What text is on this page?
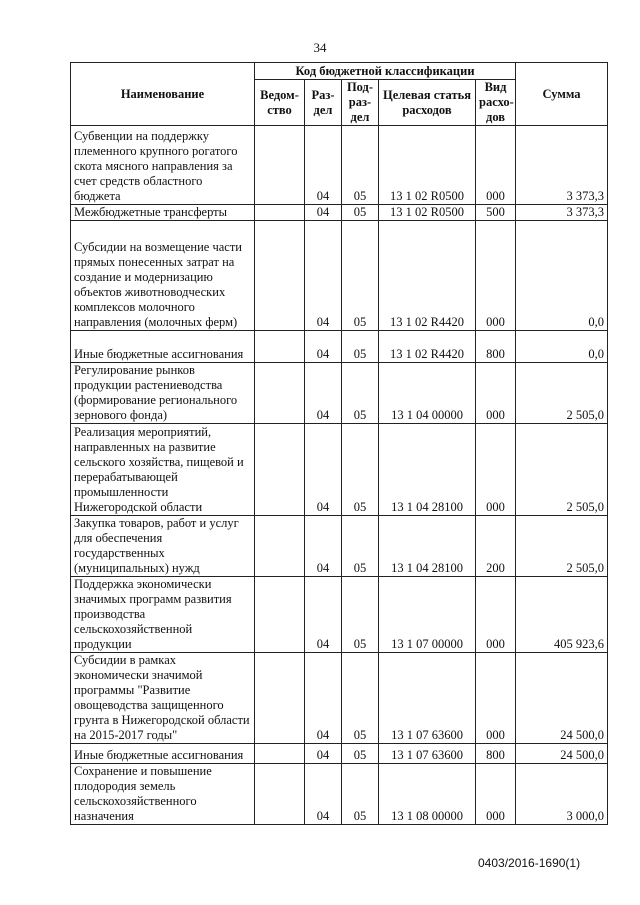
34
Наименование	Код бюджетной классификации					Сумма
	Ведом-ство	Раз-дел	Под-раз-дел	Целевая статья расходов	Вид расхо-дов	
Субвенции на поддержку племенного крупного рогатого скота мясного направления за счет средств областного бюджета		04	05	13 1 02 R0500	000	3 373,3
Межбюджетные трансферты		04	05	13 1 02 R0500	500	3 373,3
Субсидии на возмещение части прямых понесенных затрат на создание и модернизацию объектов животноводческих комплексов молочного направления (молочных ферм)		04	05	13 1 02 R4420	000	0,0
Иные бюджетные ассигнования		04	05	13 1 02 R4420	800	0,0
Регулирование рынков продукции растениеводства (формирование регионального зернового фонда)		04	05	13 1 04 00000	000	2 505,0
Реализация мероприятий, направленных на развитие сельского хозяйства, пищевой и перерабатывающей промышленности Нижегородской области		04	05	13 1 04 28100	000	2 505,0
Закупка товаров, работ и услуг для обеспечения государственных (муниципальных) нужд		04	05	13 1 04 28100	200	2 505,0
Поддержка экономически значимых программ развития производства сельскохозяйственной продукции		04	05	13 1 07 00000	000	405 923,6
Субсидии в рамках экономически значимой программы "Развитие овощеводства защищенного грунта в Нижегородской области на 2015-2017 годы"		04	05	13 1 07 63600	000	24 500,0
Иные бюджетные ассигнования		04	05	13 1 07 63600	800	24 500,0
Сохранение и повышение плодородия земель сельскохозяйственного назначения		04	05	13 1 08 00000	000	3 000,0
0403/2016-1690(1)
